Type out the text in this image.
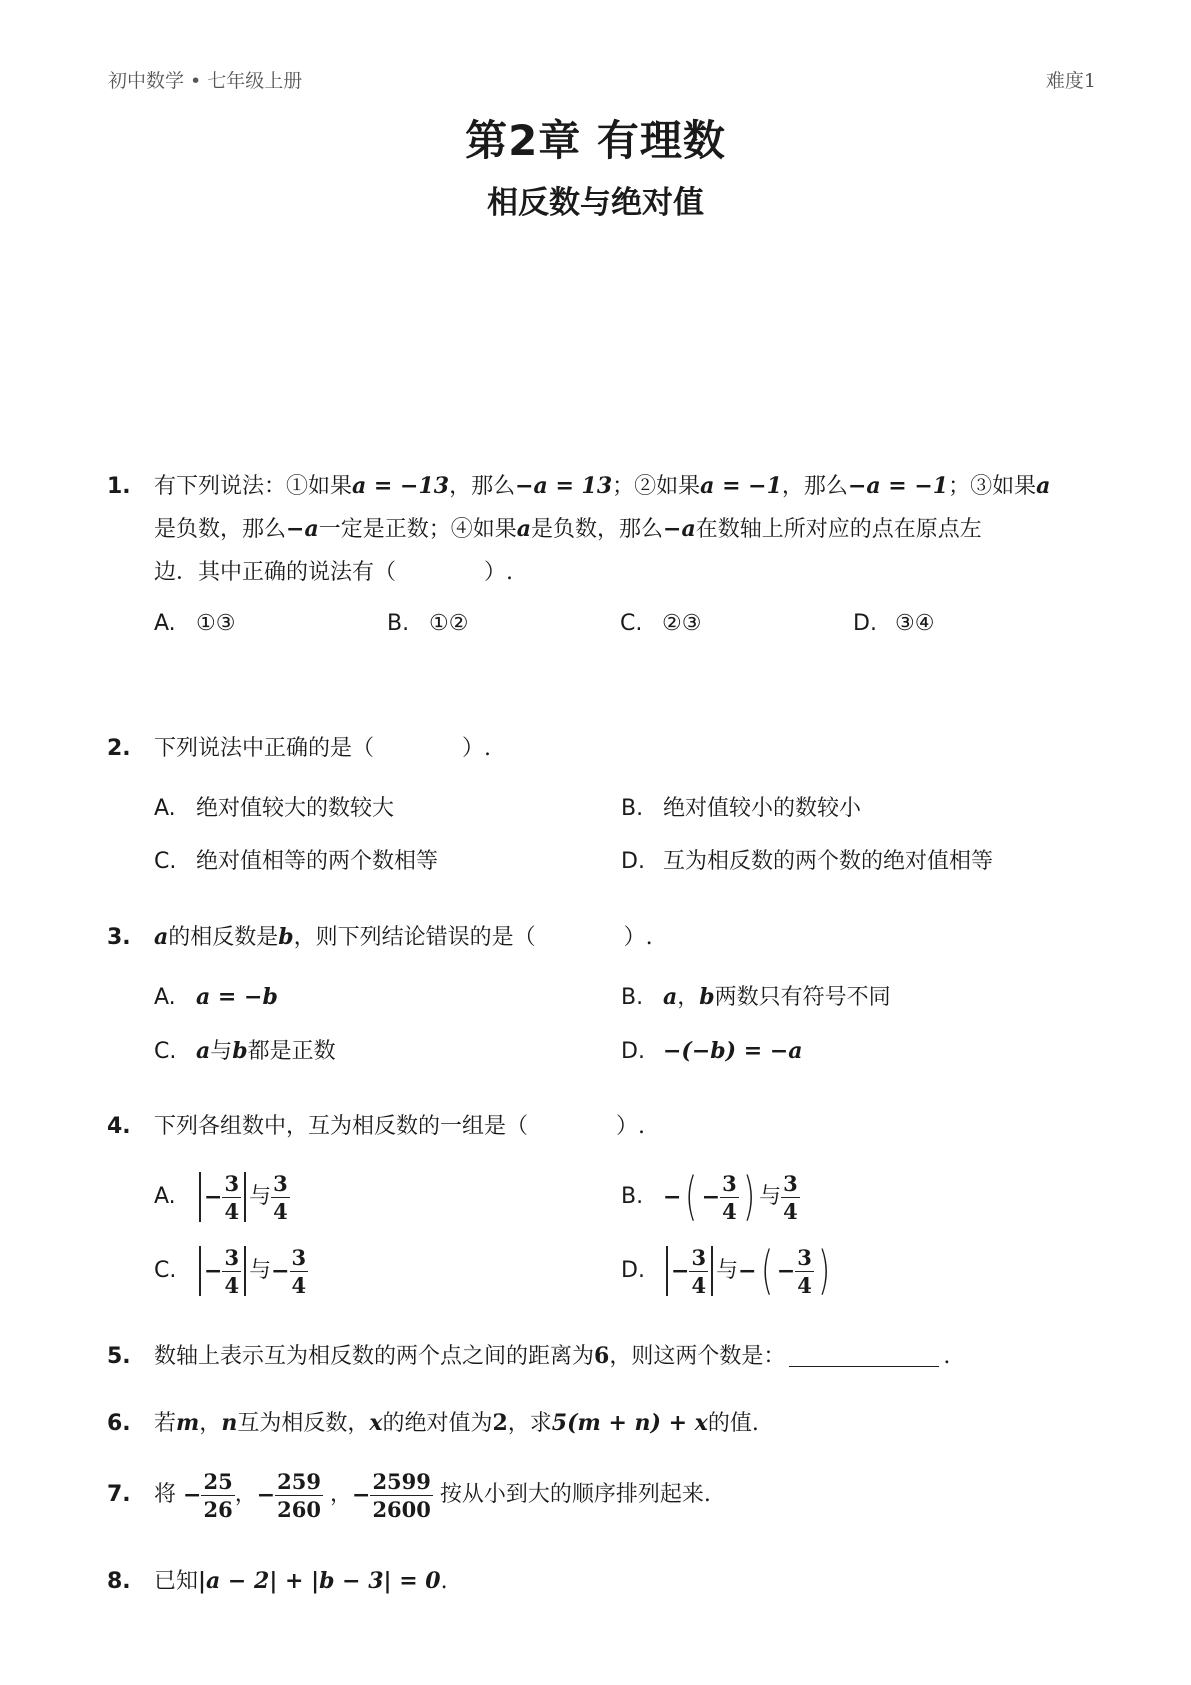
初中数学 • 七年级上册	难度1
第2章 有理数
相反数与绝对值
1. 有下列说法：①如果a = −13，那么−a = 13；②如果a = −1，那么−a = −1；③如果a
是负数，那么−a一定是正数；④如果a是负数，那么−a在数轴上所对应的点在原点左
边．其中正确的说法有（　　　　）.
A. ①③	B. ①②	C. ②③	D. ③④
2. 下列说法中正确的是（　　　　）.
A. 绝对值较大的数较大	B. 绝对值较小的数较小
C. 绝对值相等的两个数相等	D. 互为相反数的两个数的绝对值相等
3. a的相反数是b，则下列结论错误的是（　　　　）.
A. a = −b	B. a，b两数只有符号不同
C. a与b都是正数	D. −(−b) = −a
4. 下列各组数中，互为相反数的一组是（　　　　）.
A. − $\frac{3}{4}$ 与 $\frac{3}{4}$	B. −( − $\frac{3}{4}$ ) 与 $\frac{3}{4}$
C. − $\frac{3}{4}$ 与− $\frac{3}{4}$	D. − $\frac{3}{4}$ 与−( − $\frac{3}{4}$ )
5. 数轴上表示互为相反数的两个点之间的距离为6，则这两个数是：	.
6. 若m，n互为相反数，x的绝对值为2，求5(m + n) + x的值.
7. 将 − $\frac{25}{26}$ ，− $\frac{259}{260}$ ，− $\frac{2599}{2600}$ 按从小到大的顺序排列起来.
8. 已知|a − 2| + |b − 3| = 0.
